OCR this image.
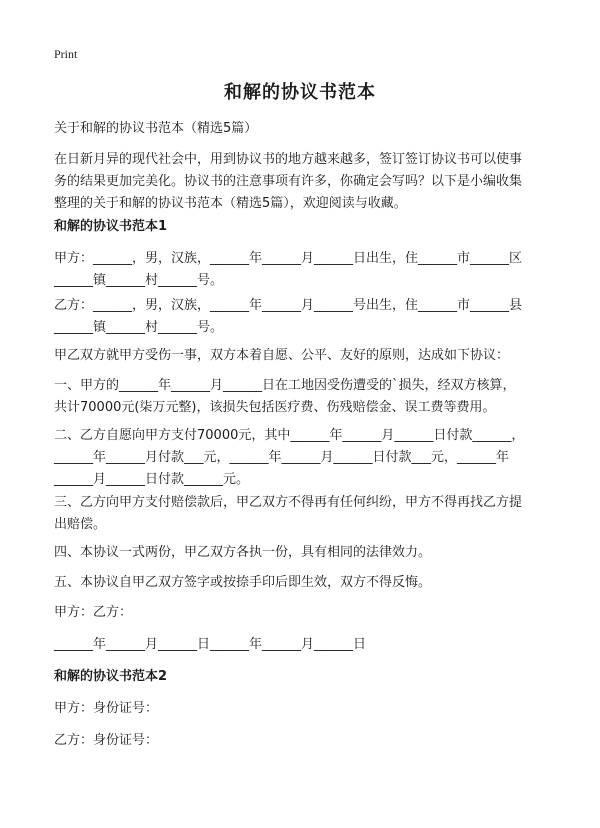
Print
和解的协议书范本
关于和解的协议书范本（精选5篇）
在日新月异的现代社会中，用到协议书的地方越来越多，签订签订协议书可以使事
务的结果更加完美化。协议书的注意事项有许多，你确定会写吗？以下是小编收集
整理的关于和解的协议书范本（精选5篇），欢迎阅读与收藏。
和解的协议书范本1
甲方：______，男，汉族，______年______月______日出生，住______市______区
______镇______村______号。
乙方：______，男，汉族，______年______月______号出生，住______市______县
______镇______村______号。
甲乙双方就甲方受伤一事，双方本着自愿、公平、友好的原则，达成如下协议：
一、甲方的______年______月______日在工地因受伤遭受的`损失，经双方核算，
共计70000元(柒万元整)，该损失包括医疗费、伤残赔偿金、误工费等费用。
二、乙方自愿向甲方支付70000元，其中______年______月______日付款______，
______年______月付款___元，______年______月______日付款___元，______年
______月______日付款______元。
三、乙方向甲方支付赔偿款后，甲乙双方不得再有任何纠纷，甲方不得再找乙方提
出赔偿。
四、本协议一式两份，甲乙双方各执一份，具有相同的法律效力。
五、本协议自甲乙双方签字或按捺手印后即生效，双方不得反悔。
甲方：乙方：
______年______月______日______年______月______日
和解的协议书范本2
甲方：身份证号：
乙方：身份证号：
